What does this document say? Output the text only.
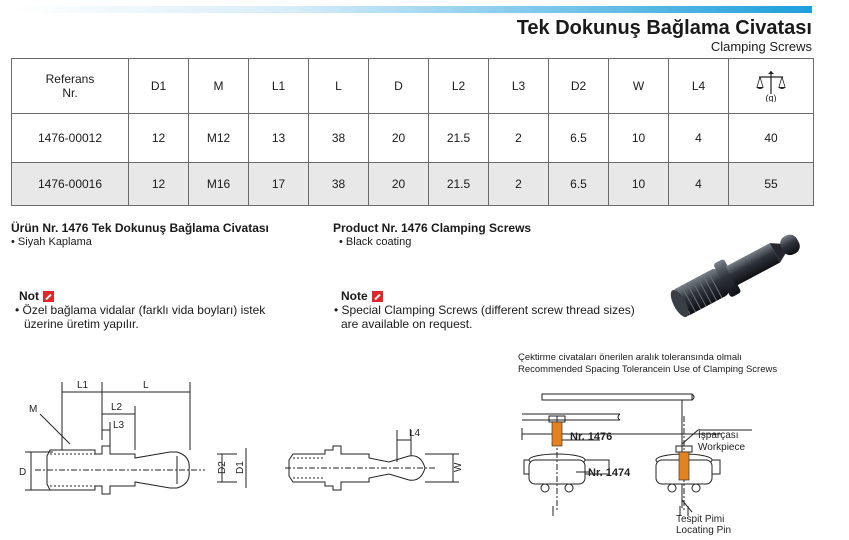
Tek Dokunuş Bağlama Civatası
Clamping Screws
Referans
Nr.	D1	M	L1	L	D	L2	L3	D2	W	L4	(g)

1476-00012	12	M12	13	38	20	21.5	2	6.5	10	4	40
1476-00016	12	M16	17	38	20	21.5	2	6.5	10	4	55
Ürün Nr. 1476 Tek Dokunuş Bağlama Civatası
• Siyah Kaplama
Product Nr. 1476 Clamping Screws
• Black coating
Not
• Özel bağlama vidalar (farklı vida boyları) istek
üzerine üretim yapılır.
Note
• Special Clamping Screws (different screw thread sizes)
are available on request.
L1	L
M	L2
L3
D	D2 D1
L4
W
Çektirme civataları önerilen aralık toleransında olmalı
Recommended Spacing Tolerancein Use of Clamping Screws
Nr. 1476
Nr. 1474
İşparçası
Workpiece
Tespit Pimi
Locating Pin
